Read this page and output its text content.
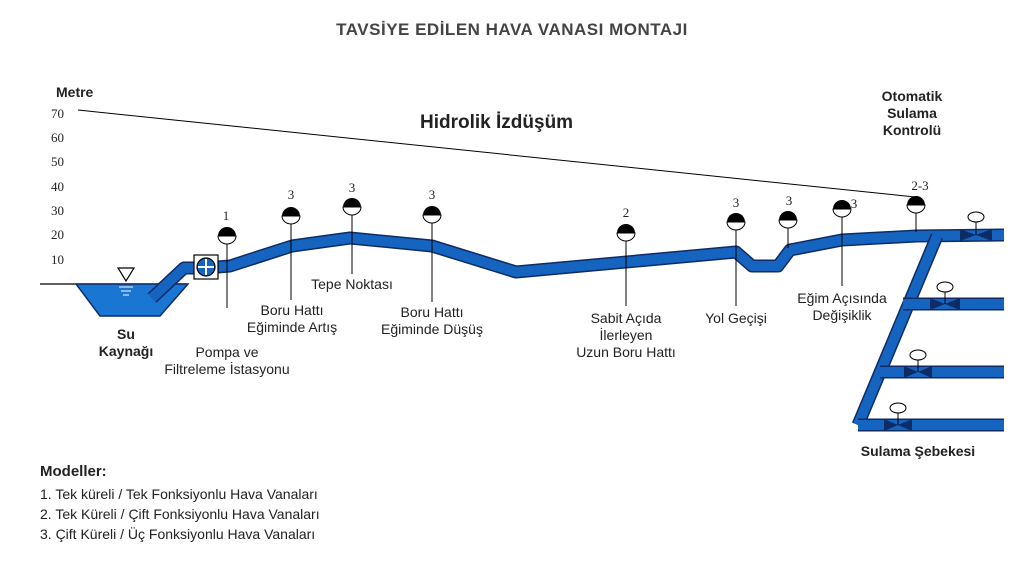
TAVSİYE EDİLEN HAVA VANASI MONTAJI
Metre
70
60
50
40
30
20
10
Hidrolik İzdüşüm
1
3	3	3
2
3	3	3
2-3
Su
Kaynağı	Pompa ve
Filtreleme İstasyonu
Boru Hattı
Eğiminde Artış
Tepe Noktası
Boru Hattı
Eğiminde Düşüş
Sabit Açıda
İlerleyen
Uzun Boru Hattı
Yol Geçişi
Eğim Açısında
Değişiklik
Otomatik
Sulama
Kontrolü
Sulama Şebekesi
Modeller:
1. Tek küreli / Tek Fonksiyonlu Hava Vanaları
2. Tek Küreli / Çift Fonksiyonlu Hava Vanaları
3. Çift Küreli / Üç Fonksiyonlu Hava Vanaları
